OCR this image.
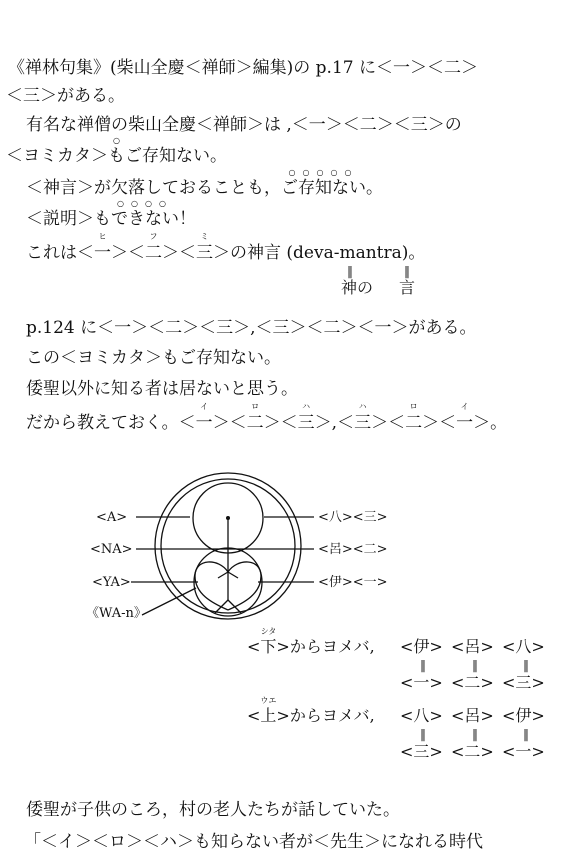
《禅林句集》(柴山全慶＜禅師＞編集)の p.17 に＜一＞＜二＞
＜三＞がある。
有名な禅僧の柴山全慶＜禅師＞は ,＜一＞＜二＞＜三＞の
＜ヨミカタ＞
○
もご存知ない。
＜神言＞が欠落しておることも，
○○○○○
ご存知ない。
＜説明＞も
○○○○
できない！
これは＜
ヒ
一＞＜
フ
二＞＜
ミ
三＞の神言 (deva-mantra)。
‖	‖
神の 言
p.124 に＜一＞＜二＞＜三＞,＜三＞＜二＞＜一＞がある。
この＜ヨミカタ＞もご存知ない。
倭聖以外に知る者は居ないと思う。
だから教えておく。＜
イ
一＞＜
ロ
二＞＜
ハ
三＞,＜
ハ
三＞＜
ロ
二＞＜
イ
一＞。
<A>
<NA>
<YA>
《WA-n》
<八><三>
<呂><二>
<伊><一>
<
シタ
下>からヨメバ, <伊> <呂> <八>
‖	‖	‖
<一> <二> <三>
<
ウエ
上>からヨメバ, <八> <呂> <伊>
‖	‖	‖
<三> <二> <一>
倭聖が子供のころ，村の老人たちが話していた。
「＜イ＞＜ロ＞＜ハ＞も知らない者が＜先生＞になれる時代
